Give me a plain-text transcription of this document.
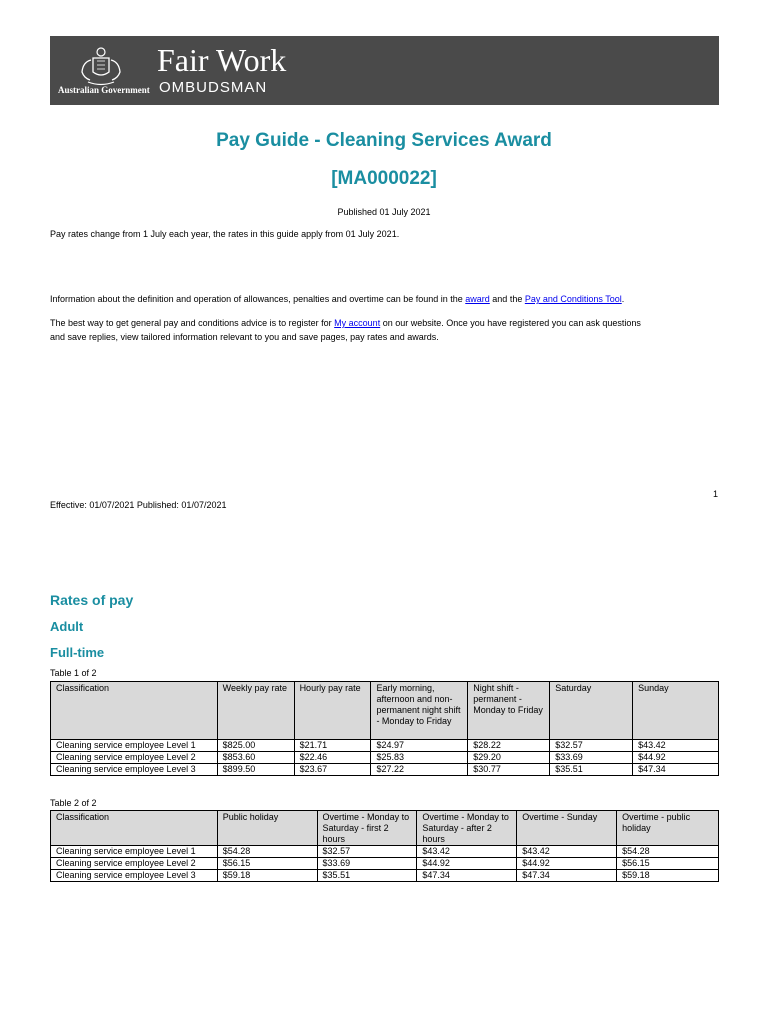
Australian Government
Fair Work
OMBUDSMAN
Pay Guide - Cleaning Services Award
[MA000022]
Published 01 July 2021
Pay rates change from 1 July each year, the rates in this guide apply from 01 July 2021.
Information about the definition and operation of allowances, penalties and overtime can be found in the award and the Pay and Conditions Tool.
The best way to get general pay and conditions advice is to register for My account on our website. Once you have registered you can ask questions
and save replies, view tailored information relevant to you and save pages, pay rates and awards.
1
Effective: 01/07/2021 Published: 01/07/2021
Rates of pay
Adult
Full-time
Table 1 of 2
Classification	Weekly pay rate	Hourly pay rate	Early morning, afternoon and non-permanent night shift - Monday to Friday	Night shift - permanent - Monday to Friday	Saturday	Sunday
Cleaning service employee Level 1	$825.00	$21.71	$24.97	$28.22	$32.57	$43.42
Cleaning service employee Level 2	$853.60	$22.46	$25.83	$29.20	$33.69	$44.92
Cleaning service employee Level 3	$899.50	$23.67	$27.22	$30.77	$35.51	$47.34
Table 2 of 2
Classification	Public holiday	Overtime - Monday to Saturday - first 2 hours	Overtime - Monday to Saturday - after 2 hours	Overtime - Sunday	Overtime - public holiday
Cleaning service employee Level 1	$54.28	$32.57	$43.42	$43.42	$54.28
Cleaning service employee Level 2	$56.15	$33.69	$44.92	$44.92	$56.15
Cleaning service employee Level 3	$59.18	$35.51	$47.34	$47.34	$59.18
